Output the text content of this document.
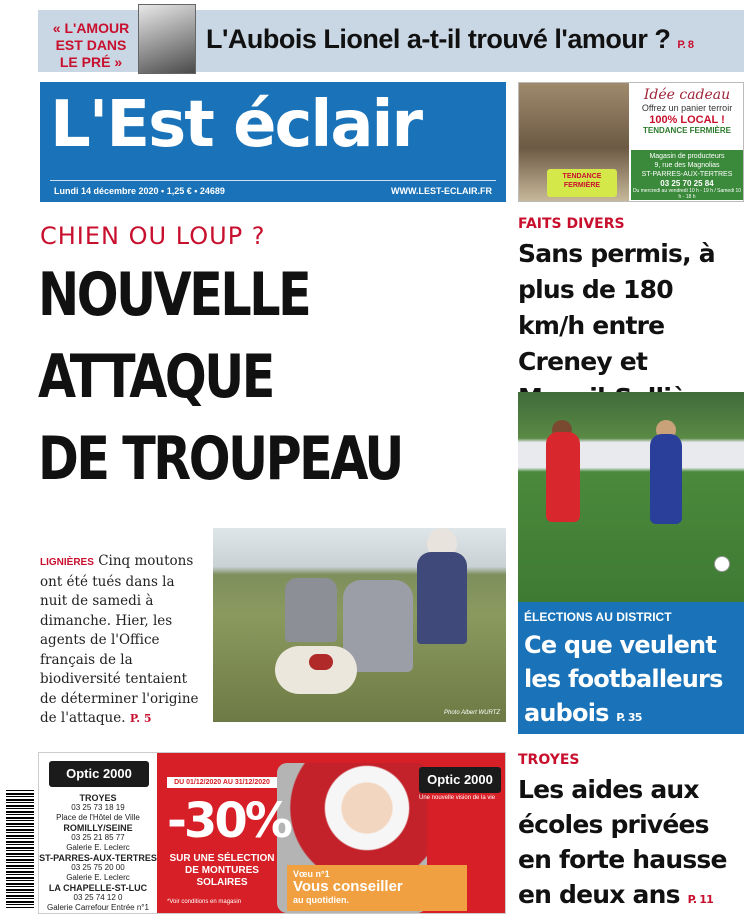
« L'AMOUR EST DANS LE PRÉ »
L'Aubois Lionel a-t-il trouvé l'amour ? P. 8
L'Est éclair
Lundi 14 décembre 2020 • 1,25 € • 24689	WWW.LEST-ECLAIR.FR
TENDANCE FERMIÈRE
Idée cadeau
Offrez un panier terroir
100% LOCAL !
TENDANCE FERMIÈRE
Magasin de producteurs
9, rue des Magnolias
ST-PARRES-AUX-TERTRES
03 25 70 25 84
Du mercredi au vendredi 10 h - 19 h / Samedi 10 h - 18 h
FAITS DIVERS
Sans permis, à plus de 180 km/h entre Creney et
CHIEN OU LOUP ?
NOUVELLE
ATTAQUE
DE TROUPEAU
LIGNIÈRES Cinq moutons ont été tués dans la nuit de samedi à dimanche. Hier, les agents de l'Office français de la biodiversité tentaient de déterminer l'origine de l'attaque. P. 5	Photo Albert WURTZ
ÉLECTIONS AU DISTRICT
Ce que veulent les footballeurs aubois P. 35
TROYES
Les aides aux écoles privées en forte hausse en deux ans P. 11
Optic 2000
TROYES
03 25 73 18 19
Place de l'Hôtel de Ville
ROMILLY/SEINE
03 25 21 85 77
Galerie E. Leclerc
ST-PARRES-AUX-TERTRES
03 25 75 20 00
Galerie E. Leclerc
LA CHAPELLE-ST-LUC
03 25 74 12 0
Galerie Carrefour Entrée n°1
DU 01/12/2020 AU 31/12/2020
-30%
SUR UNE SÉLECTION DE MONTURES SOLAIRES
*Voir conditions en magasin
Optic 2000
Une nouvelle vision de la vie
Vœu n°1
Vous conseiller
au quotidien.
